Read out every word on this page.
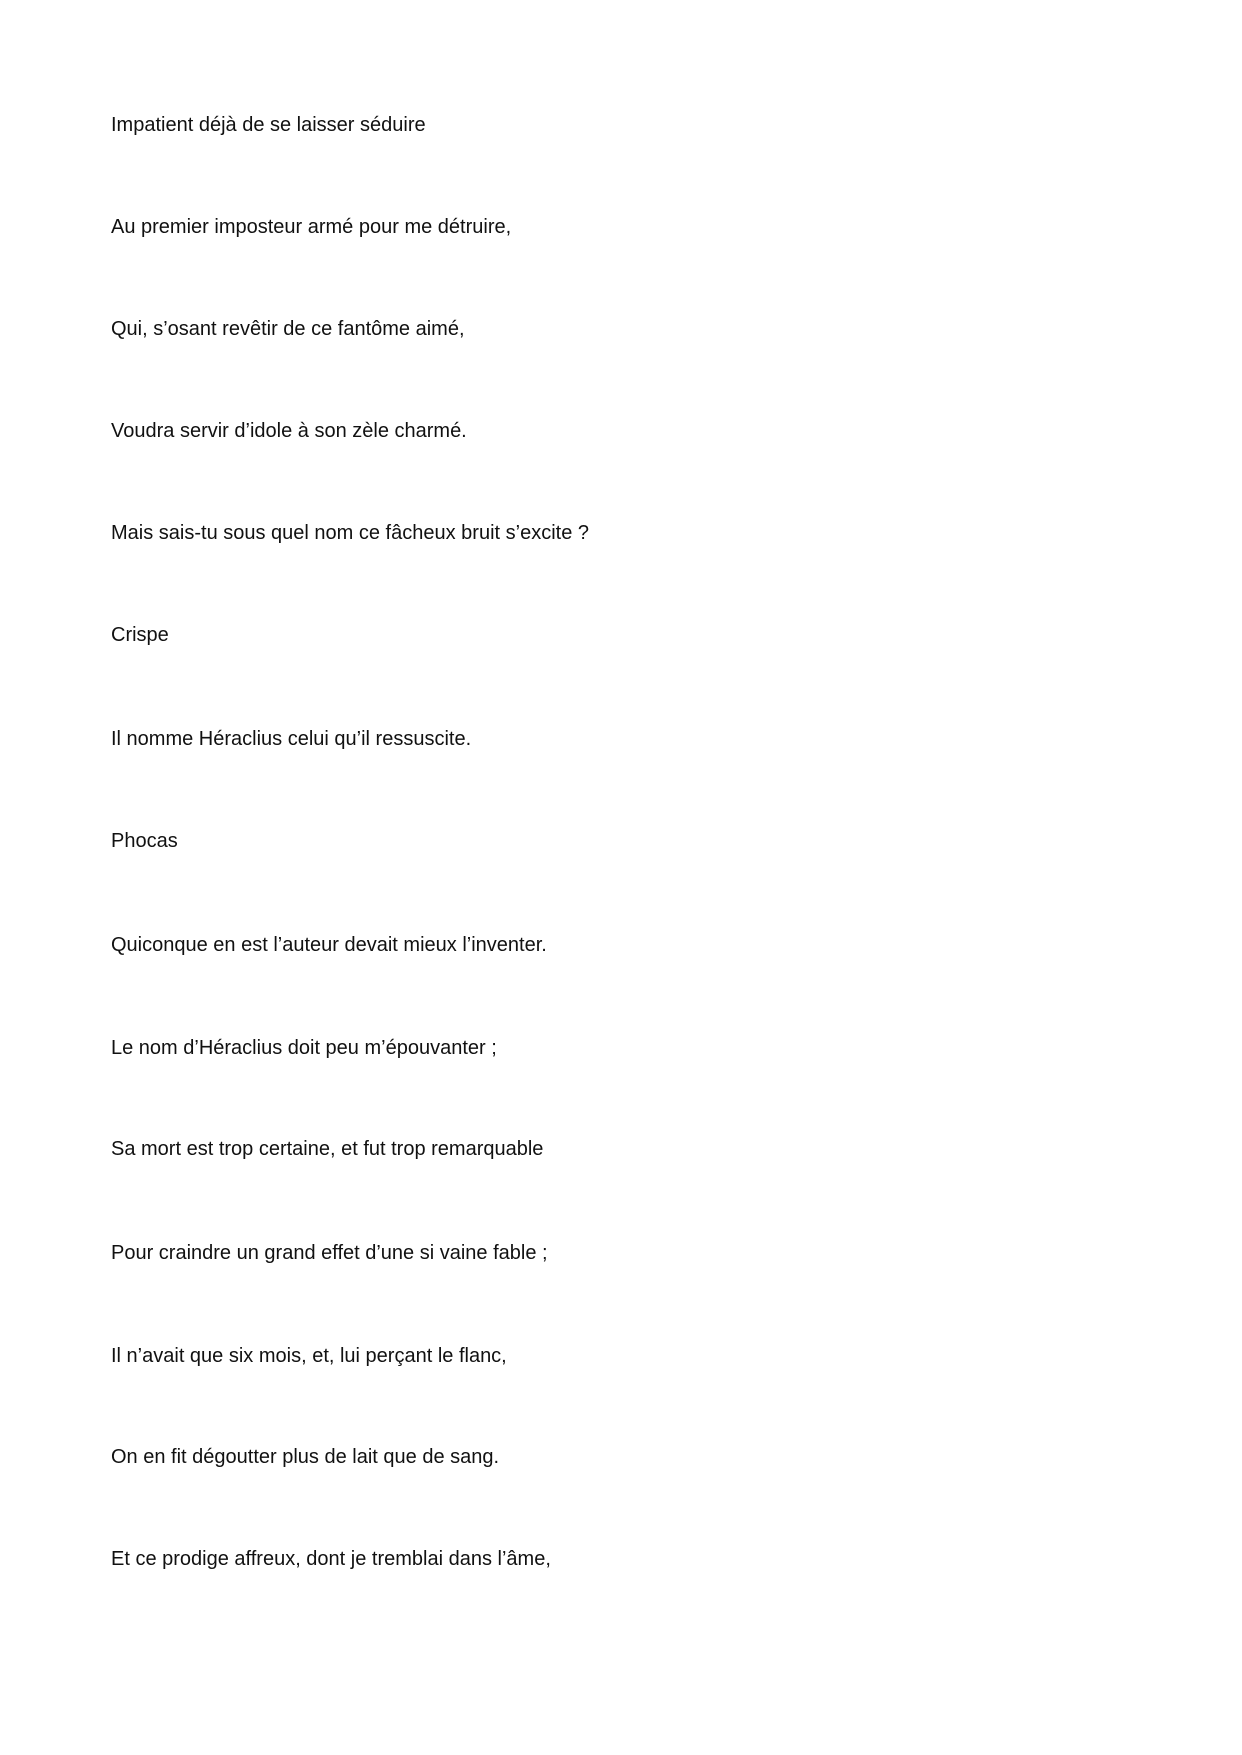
Impatient déjà de se laisser séduire

Au premier imposteur armé pour me détruire,

Qui, s’osant revêtir de ce fantôme aimé,

Voudra servir d’idole à son zèle charmé.

Mais sais-tu sous quel nom ce fâcheux bruit s’excite ?

Crispe

Il nomme Héraclius celui qu’il ressuscite.

Phocas

Quiconque en est l’auteur devait mieux l’inventer.

Le nom d’Héraclius doit peu m’épouvanter ;

Sa mort est trop certaine, et fut trop remarquable

Pour craindre un grand effet d’une si vaine fable ;

Il n’avait que six mois, et, lui perçant le flanc,

On en fit dégoutter plus de lait que de sang.

Et ce prodige affreux, dont je tremblai dans l’âme,
